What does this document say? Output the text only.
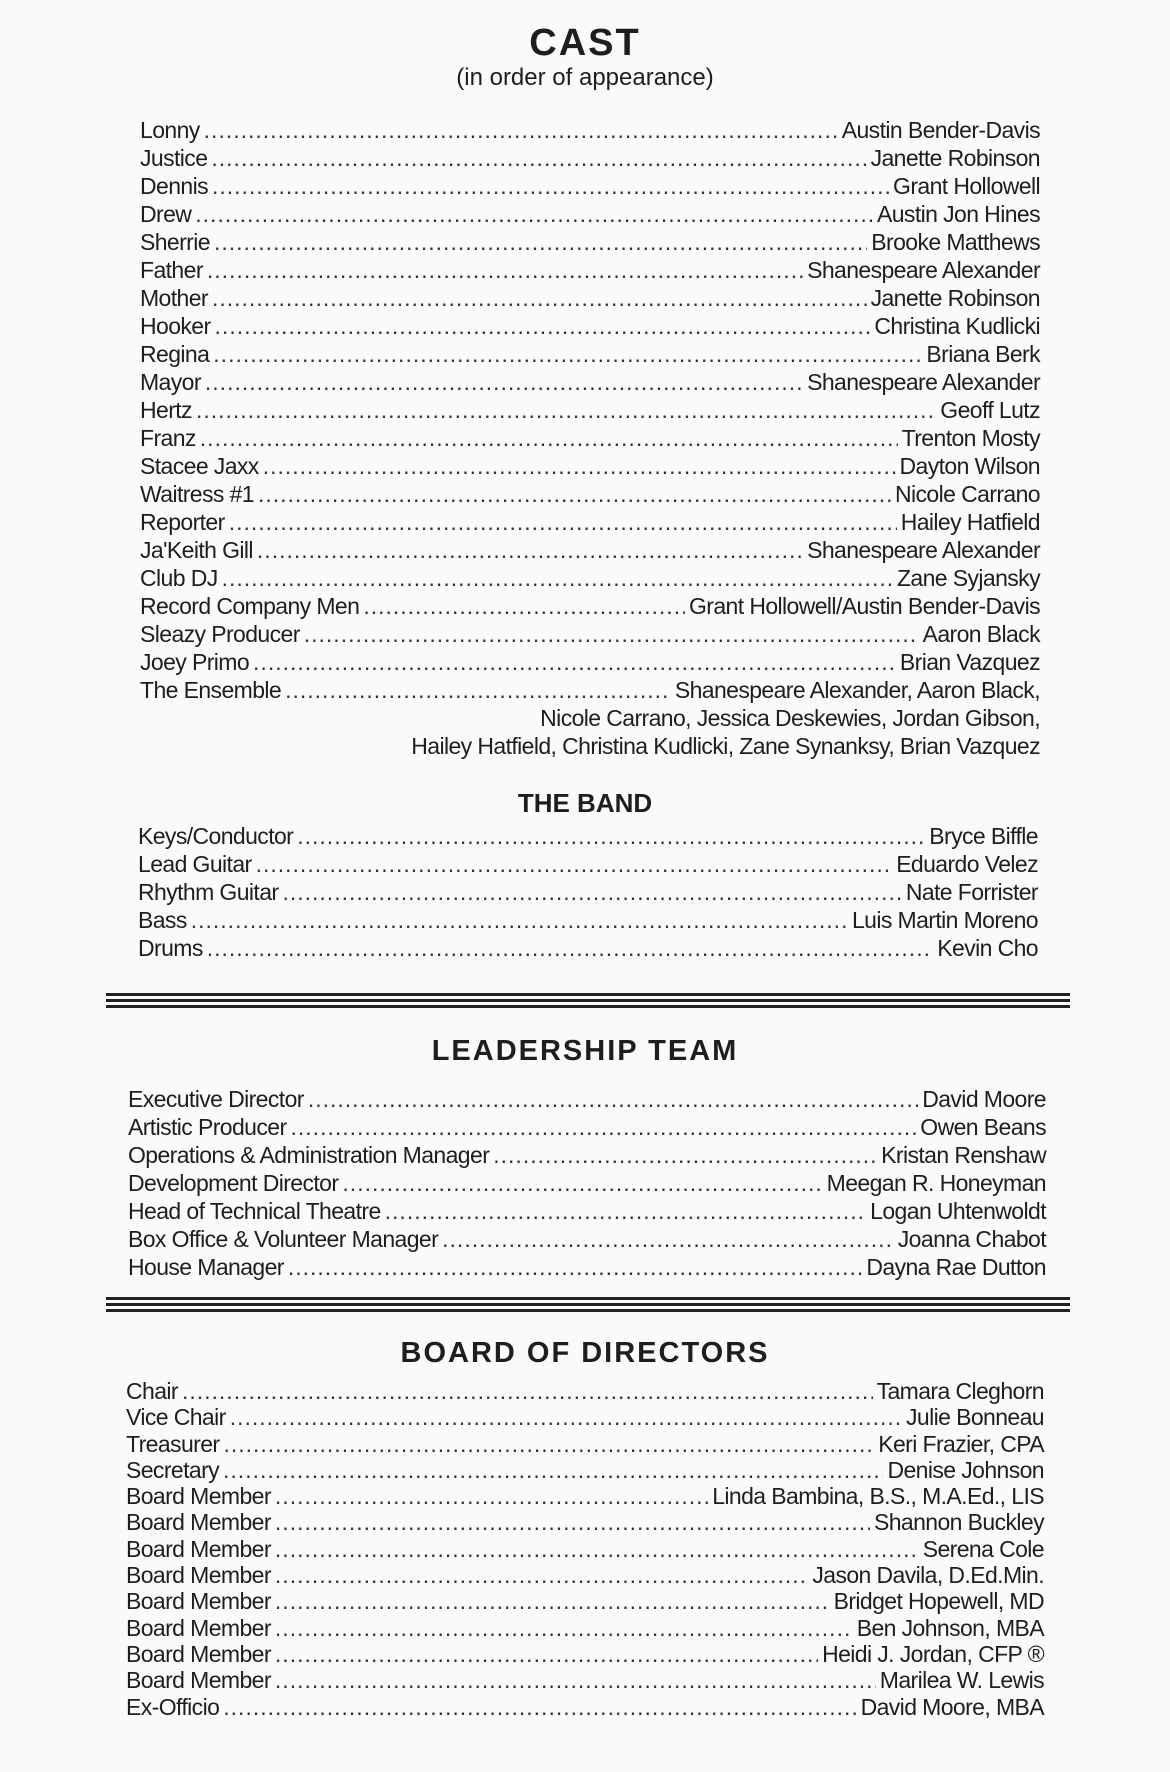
CAST
(in order of appearance)
Lonny .....	Austin Bender-Davis
Justice .....	Janette Robinson
Dennis .....	Grant Hollowell
Drew .....	Austin Jon Hines
Sherrie .....	Brooke Matthews
Father .....	Shanespeare Alexander
Mother .....	Janette Robinson
Hooker .....	Christina Kudlicki
Regina .....	Briana Berk
Mayor .....	Shanespeare Alexander
Hertz .....	Geoff Lutz
Franz .....	Trenton Mosty
Stacee Jaxx .....	Dayton Wilson
Waitress #1 .....	Nicole Carrano
Reporter .....	Hailey Hatfield
Ja'Keith Gill .....	Shanespeare Alexander
Club DJ .....	Zane Syjansky
Record Company Men .....	Grant Hollowell/Austin Bender-Davis
Sleazy Producer .....	Aaron Black
Joey Primo .....	Brian Vazquez
The Ensemble .....	Shanespeare Alexander, Aaron Black,
Nicole Carrano, Jessica Deskewies, Jordan Gibson,
Hailey Hatfield, Christina Kudlicki, Zane Synanksy, Brian Vazquez
THE BAND
Keys/Conductor .....	Bryce Biffle
Lead Guitar .....	Eduardo Velez
Rhythm Guitar .....	Nate Forrister
Bass .....	Luis Martin Moreno
Drums .....	Kevin Cho
LEADERSHIP TEAM
Executive Director .....	David Moore
Artistic Producer .....	Owen Beans
Operations & Administration Manager .....	Kristan Renshaw
Development Director .....	Meegan R. Honeyman
Head of Technical Theatre .....	Logan Uhtenwoldt
Box Office & Volunteer Manager .....	Joanna Chabot
House Manager .....	Dayna Rae Dutton
BOARD OF DIRECTORS
Chair .....	Tamara Cleghorn
Vice Chair .....	Julie Bonneau
Treasurer .....	Keri Frazier, CPA
Secretary .....	Denise Johnson
Board Member .....	Linda Bambina, B.S., M.A.Ed., LIS
Board Member .....	Shannon Buckley
Board Member .....	Serena Cole
Board Member .....	Jason Davila, D.Ed.Min.
Board Member .....	Bridget Hopewell, MD
Board Member .....	Ben Johnson, MBA
Board Member .....	Heidi J. Jordan, CFP ®
Board Member .....	Marilea W. Lewis
Ex-Officio .....	David Moore, MBA
